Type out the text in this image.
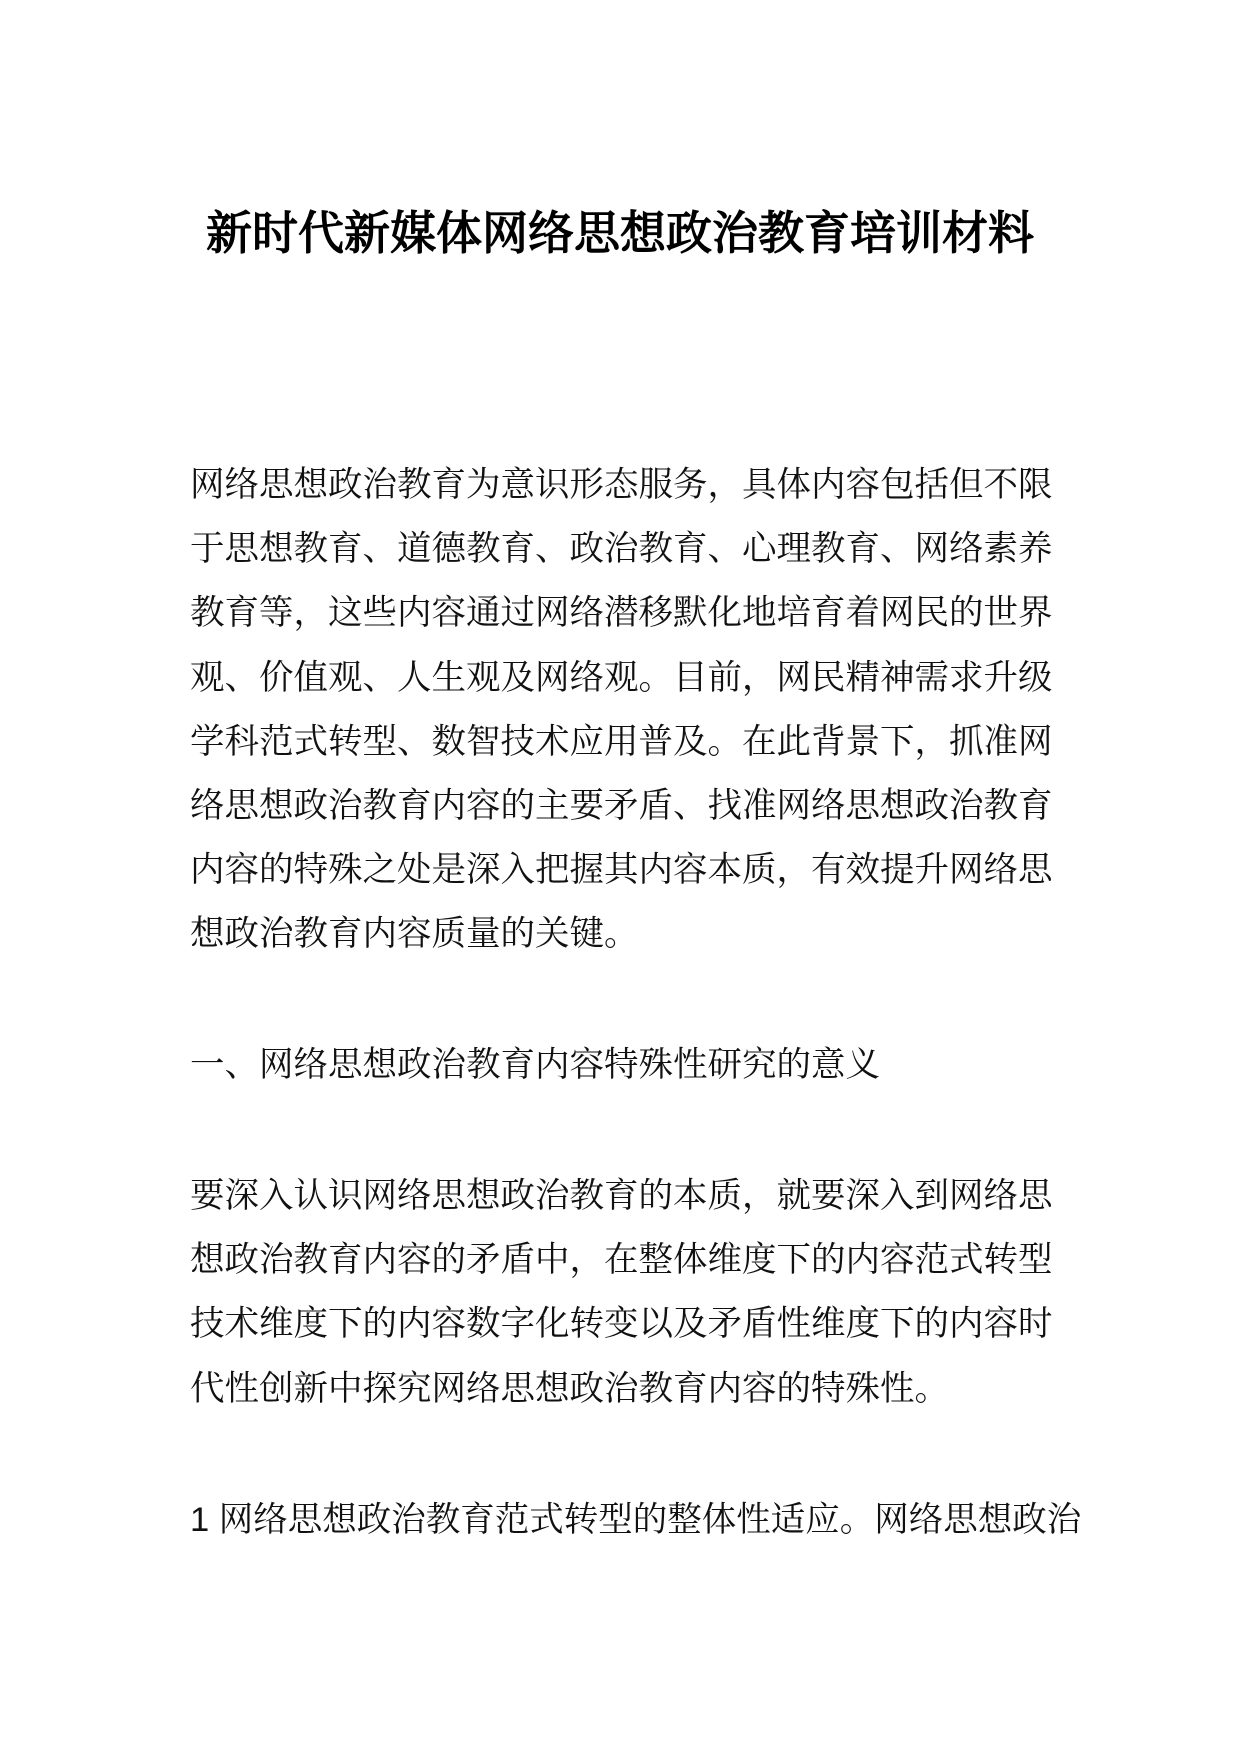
新时代新媒体网络思想政治教育培训材料
网络思想政治教育为意识形态服务，具体内容包括但不限
于思想教育、道德教育、政治教育、心理教育、网络素养
教育等，这些内容通过网络潜移默化地培育着网民的世界
观、价值观、人生观及网络观。目前，网民精神需求升级
学科范式转型、数智技术应用普及。在此背景下，抓准网
络思想政治教育内容的主要矛盾、找准网络思想政治教育
内容的特殊之处是深入把握其内容本质，有效提升网络思
想政治教育内容质量的关键。
一、网络思想政治教育内容特殊性研究的意义
要深入认识网络思想政治教育的本质，就要深入到网络思
想政治教育内容的矛盾中，在整体维度下的内容范式转型
技术维度下的内容数字化转变以及矛盾性维度下的内容时
代性创新中探究网络思想政治教育内容的特殊性。
1 网络思想政治教育范式转型的整体性适应。网络思想政治
